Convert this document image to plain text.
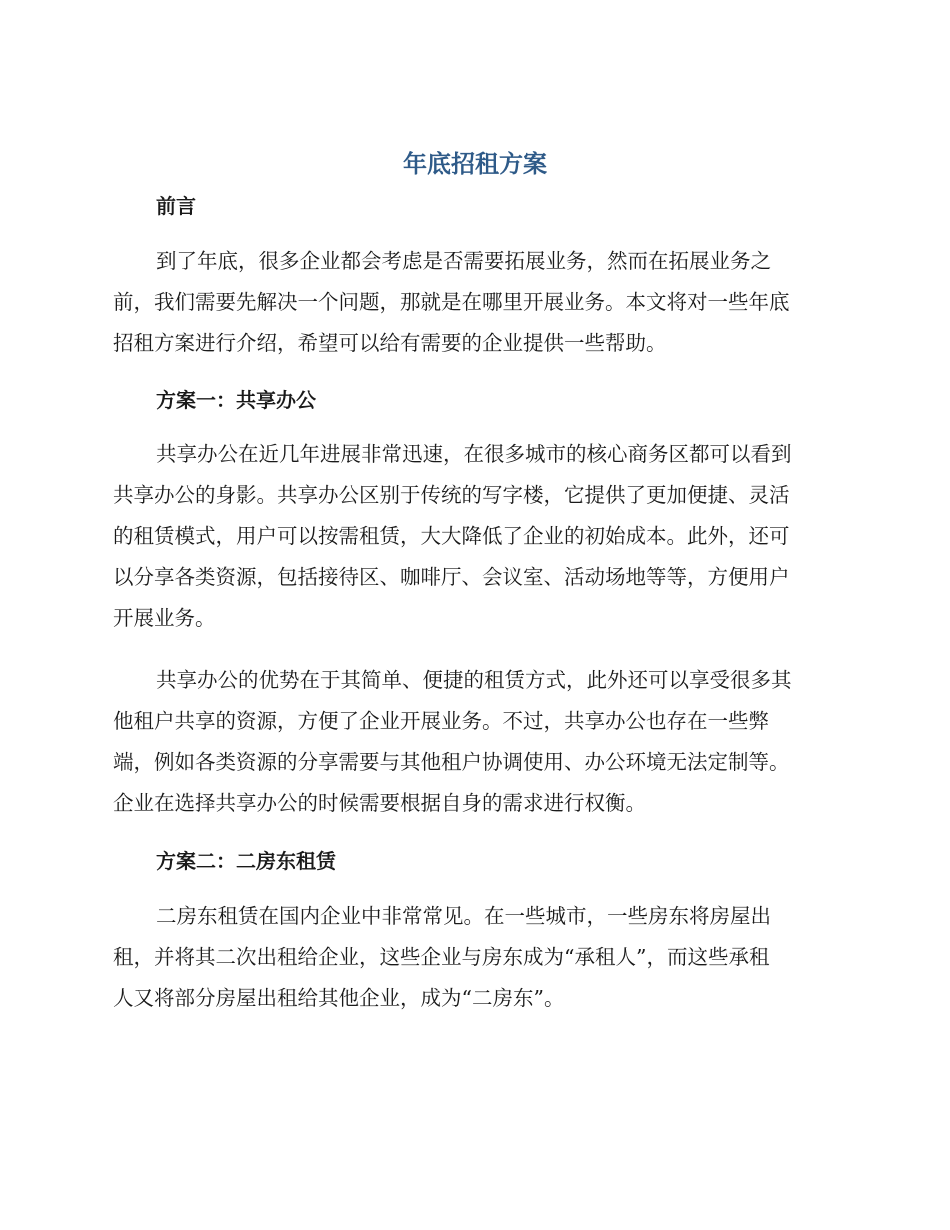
年底招租方案
前言
到了年底，很多企业都会考虑是否需要拓展业务，然而在拓展业务之
前，我们需要先解决一个问题，那就是在哪里开展业务。本文将对一些年底
招租方案进行介绍，希望可以给有需要的企业提供一些帮助。
方案一：共享办公
共享办公在近几年进展非常迅速，在很多城市的核心商务区都可以看到
共享办公的身影。共享办公区别于传统的写字楼，它提供了更加便捷、灵活
的租赁模式，用户可以按需租赁，大大降低了企业的初始成本。此外，还可
以分享各类资源，包括接待区、咖啡厅、会议室、活动场地等等，方便用户
开展业务。
共享办公的优势在于其简单、便捷的租赁方式，此外还可以享受很多其
他租户共享的资源，方便了企业开展业务。不过，共享办公也存在一些弊
端，例如各类资源的分享需要与其他租户协调使用、办公环境无法定制等。
企业在选择共享办公的时候需要根据自身的需求进行权衡。
方案二：二房东租赁
二房东租赁在国内企业中非常常见。在一些城市，一些房东将房屋出
租，并将其二次出租给企业，这些企业与房东成为“承租人”，而这些承租
人又将部分房屋出租给其他企业，成为“二房东”。
